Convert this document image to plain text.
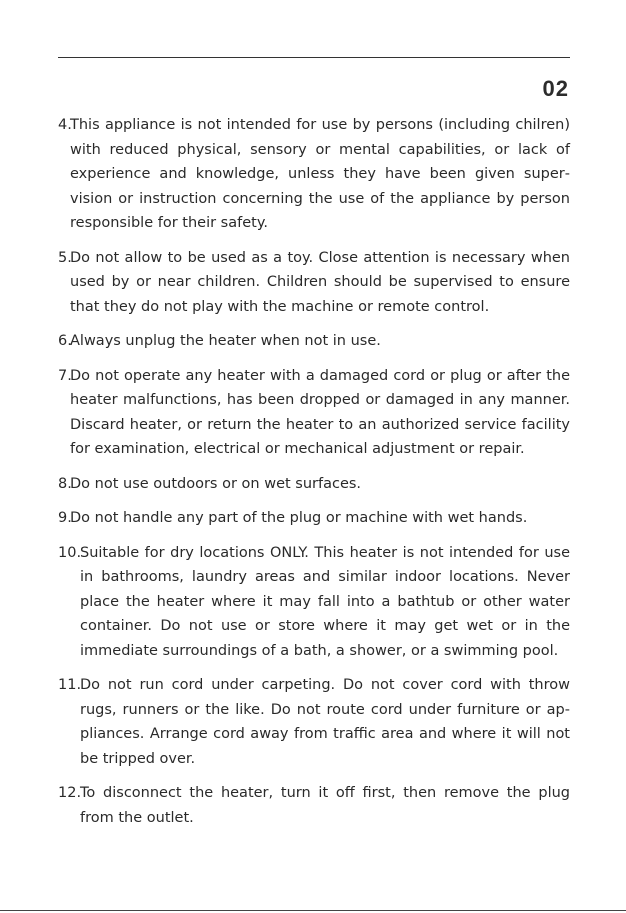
02
4.
This appliance is not intended for use by persons (including chilren) with reduced physical, sensory or mental capabilities, or lack of experience and knowledge, unless they have been given supervision or instruction concerning the use of the appliance by person responsible for their safety.
5.
Do not allow to be used as a toy. Close attention is necessary when used by or near children. Children should be supervised to ensure that they do not play with the machine or remote control.
6.
Always unplug the heater when not in use.
7.
Do not operate any heater with a damaged cord or plug or after the heater malfunctions, has been dropped or damaged in any manner. Discard heater, or return the heater to an authorized service facility for examination, electrical or mechanical adjustment or repair.
8.
Do not use outdoors or on wet surfaces.
9.
Do not handle any part of the plug or machine with wet hands.
10.
Suitable for dry locations ONLY. This heater is not intended for use in bathrooms, laundry areas and similar indoor locations. Never place the heater where it may fall into a bathtub or other water container. Do not use or store where it may get wet or in the immediate surroundings of a bath, a shower, or a swimming pool.
11.
Do not run cord under carpeting. Do not cover cord with throw rugs, runners or the like. Do not route cord under furniture or appliances. Arrange cord away from traffic area and where it will not be tripped over.
12.
To disconnect the heater, turn it off first, then remove the plug from the outlet.
